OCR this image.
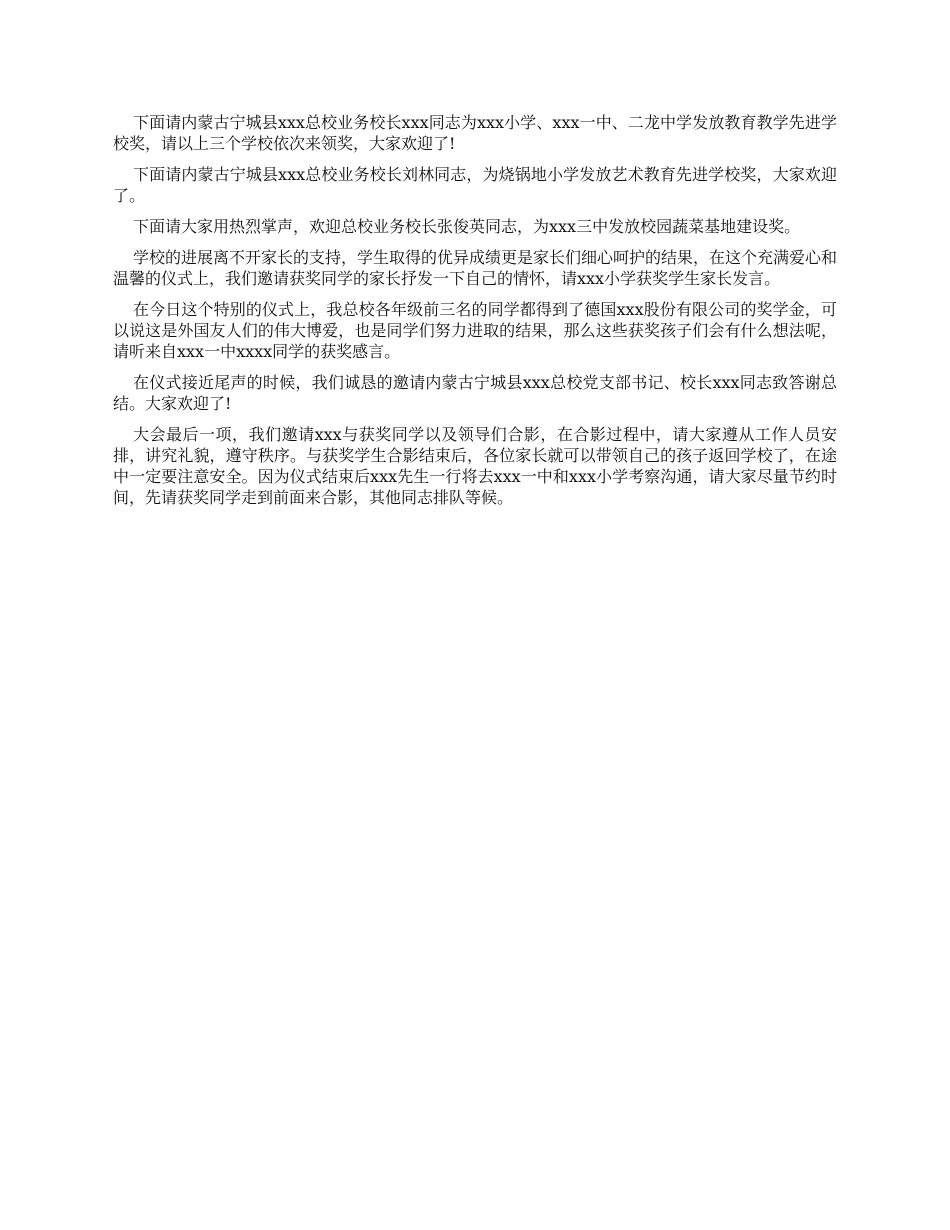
下面请内蒙古宁城县xxx总校业务校长xxx同志为xxx小学、xxx一中、二龙中学发放教育教学先进学校奖，请以上三个学校依次来领奖，大家欢迎了!

下面请内蒙古宁城县xxx总校业务校长刘林同志，为烧锅地小学发放艺术教育先进学校奖，大家欢迎了。

下面请大家用热烈掌声，欢迎总校业务校长张俊英同志，为xxx三中发放校园蔬菜基地建设奖。

学校的进展离不开家长的支持，学生取得的优异成绩更是家长们细心呵护的结果，在这个充满爱心和温馨的仪式上，我们邀请获奖同学的家长抒发一下自己的情怀，请xxx小学获奖学生家长发言。

在今日这个特别的仪式上，我总校各年级前三名的同学都得到了德国xxx股份有限公司的奖学金，可以说这是外国友人们的伟大博爱，也是同学们努力进取的结果，那么这些获奖孩子们会有什么想法呢，请听来自xxx一中xxxx同学的获奖感言。

在仪式接近尾声的时候，我们诚恳的邀请内蒙古宁城县xxx总校党支部书记、校长xxx同志致答谢总结。大家欢迎了!

大会最后一项，我们邀请xxx与获奖同学以及领导们合影，在合影过程中，请大家遵从工作人员安排，讲究礼貌，遵守秩序。与获奖学生合影结束后，各位家长就可以带领自己的孩子返回学校了，在途中一定要注意安全。因为仪式结束后xxx先生一行将去xxx一中和xxx小学考察沟通，请大家尽量节约时间，先请获奖同学走到前面来合影，其他同志排队等候。
